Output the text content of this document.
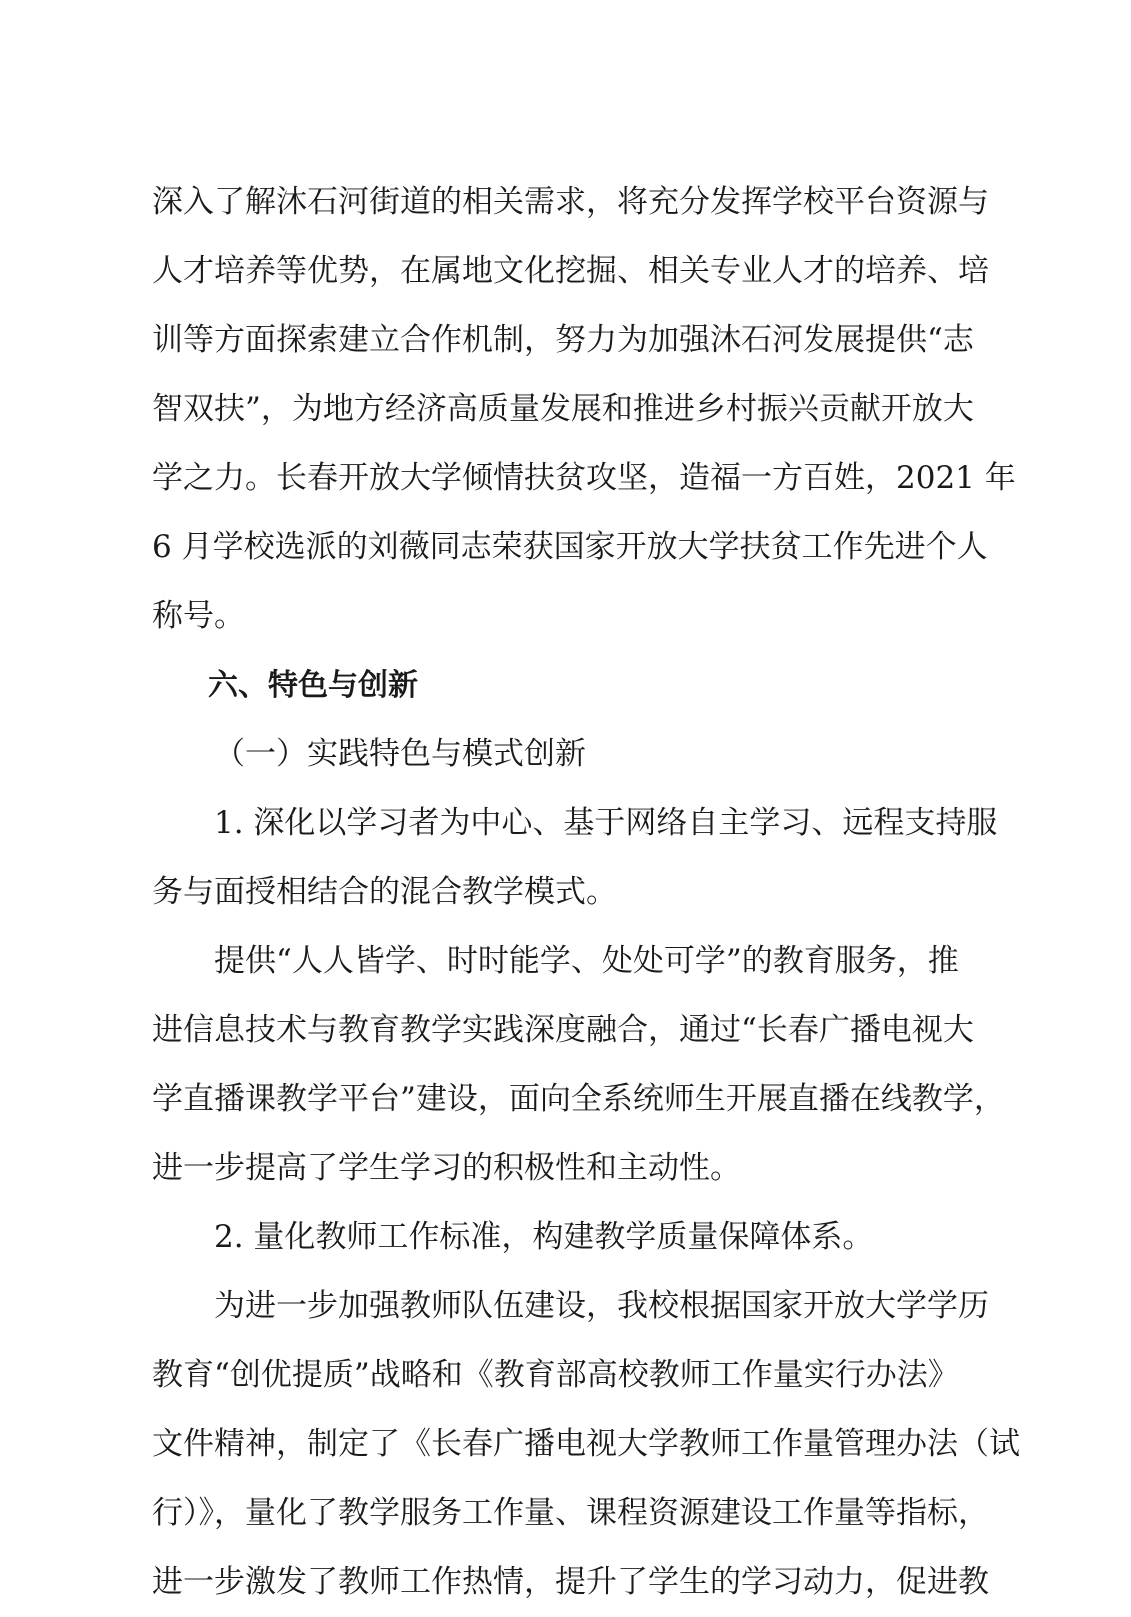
深入了解沐石河街道的相关需求，将充分发挥学校平台资源与
人才培养等优势，在属地文化挖掘、相关专业人才的培养、培
训等方面探索建立合作机制，努力为加强沐石河发展提供“志
智双扶”，为地方经济高质量发展和推进乡村振兴贡献开放大
学之力。长春开放大学倾情扶贫攻坚，造福一方百姓，2021 年
6 月学校选派的刘薇同志荣获国家开放大学扶贫工作先进个人
称号。
六、特色与创新
（一）实践特色与模式创新
1. 深化以学习者为中心、基于网络自主学习、远程支持服
务与面授相结合的混合教学模式。
提供“人人皆学、时时能学、处处可学”的教育服务，推
进信息技术与教育教学实践深度融合，通过“长春广播电视大
学直播课教学平台”建设，面向全系统师生开展直播在线教学，
进一步提高了学生学习的积极性和主动性。
2. 量化教师工作标准，构建教学质量保障体系。
为进一步加强教师队伍建设，我校根据国家开放大学学历
教育“创优提质”战略和《教育部高校教师工作量实行办法》
文件精神，制定了《长春广播电视大学教师工作量管理办法（试
行）》，量化了教学服务工作量、课程资源建设工作量等指标，
进一步激发了教师工作热情，提升了学生的学习动力，促进教
